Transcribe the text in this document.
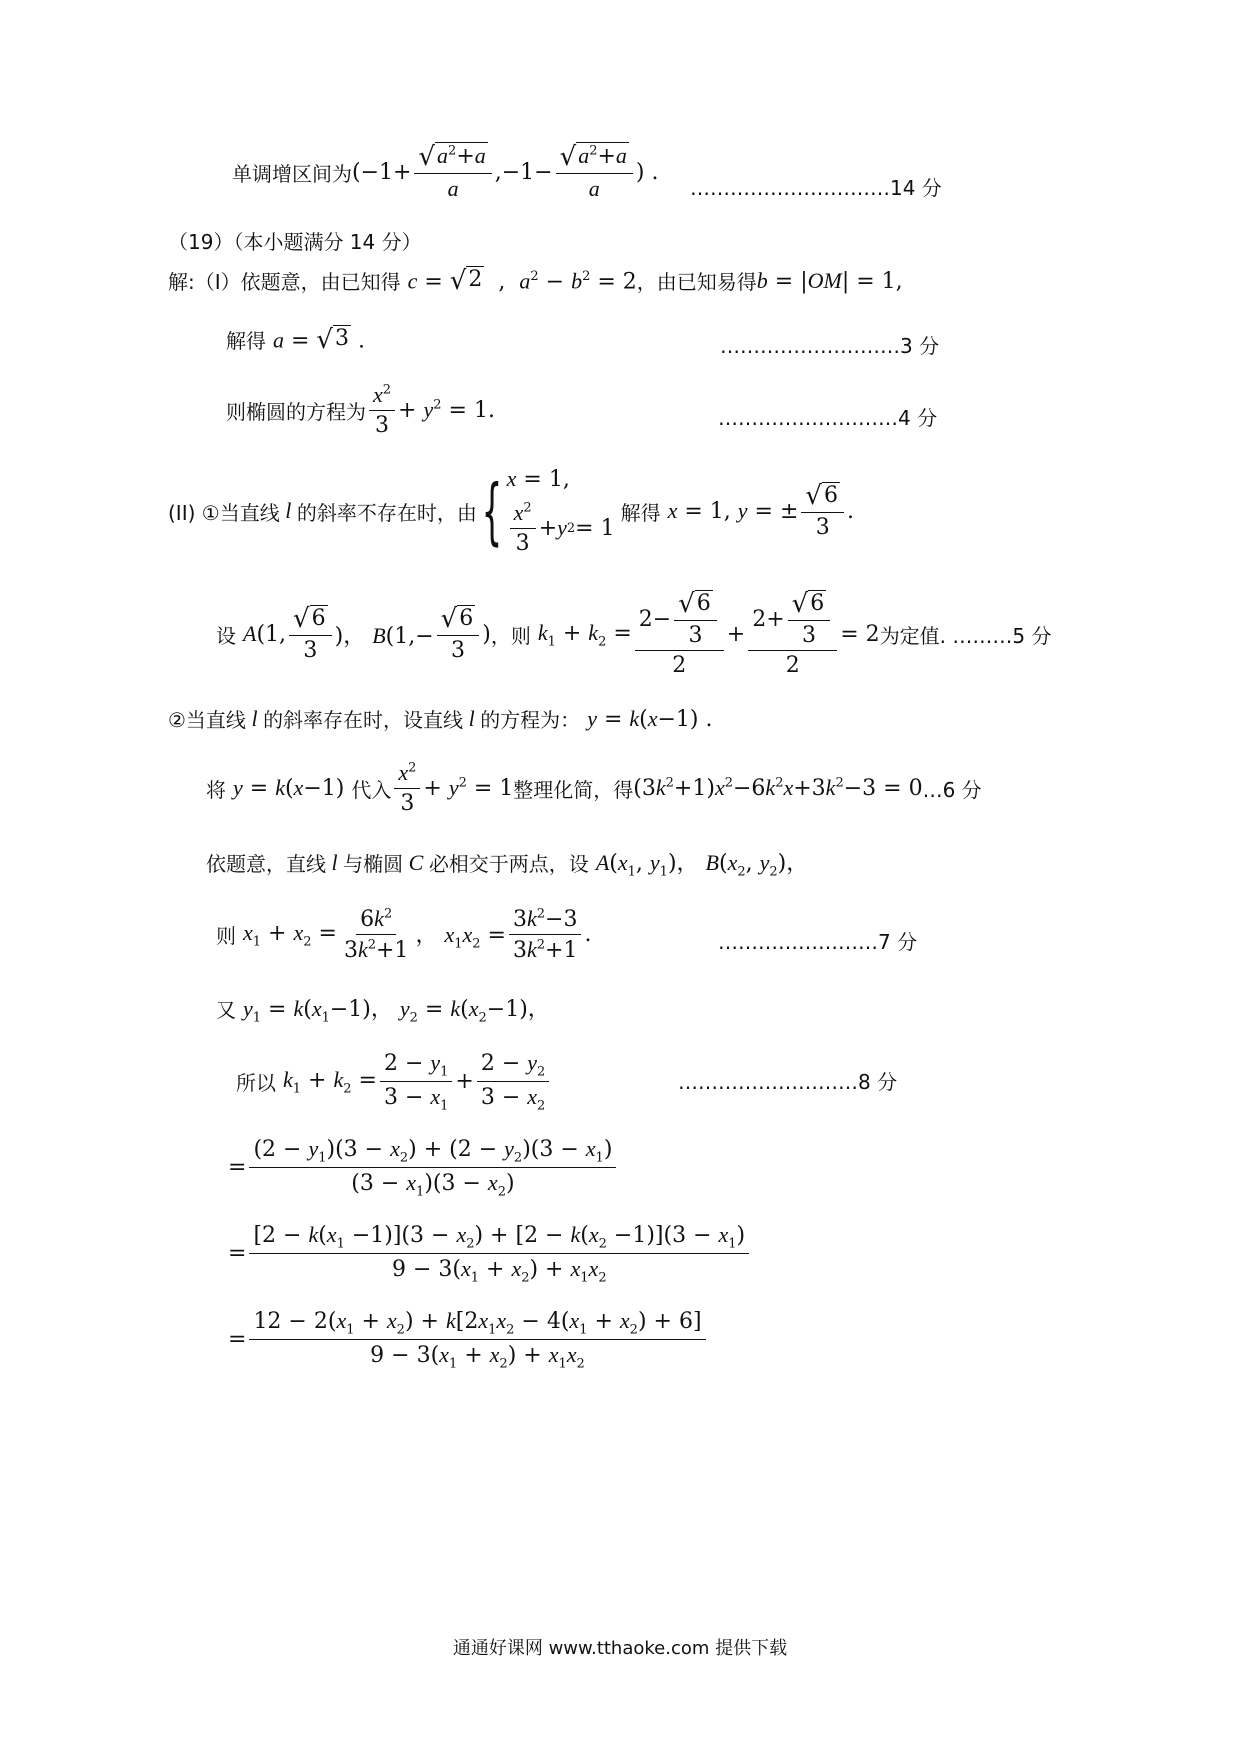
单调增区间为 ($-1+ \frac{√ a^2+a}{a} ,-1- \frac{√ a^2+a}{a}$ ) .
…………………………14 分
（19）（本小题满分 14 分）
解:（Ⅰ）依题意，由已知得 c = √ 2 ,  $a^2 - b^2 = 2$ ，由已知易得 b = |OM| = 1,
解得 a = √ 3 .	………………………3 分
则椭圆的方程为 $\frac{x^2}{3} + y^2 = 1$.	………………………4 分
(II) ①当直线 l 的斜率不存在时，由 { x = 1,
$\frac{x^2}{3} + y$ 2 = 1
解得 x = 1, y = ± $\frac{√ 6}{3}$ .
设 A(1, $\frac{√ 6}{3}$ )， $B(1,- \frac{√ 6}{3}$ ) ，则 $k_1 + k_2 = \frac{2- \frac{√ 6}{3}}{2} + \frac{2+ \frac{√ 6}{3}}{2} = 2$ 为定值. ………5 分
②当直线 l 的斜率存在时，设直线 l 的方程为： y = k(x−1) .
将 y = k(x−1) 代入 $\frac{x^2}{3} + y^2 = 1$ 整理化简，得 $(3k^2+1)x^2-6k^2x+3k^2-3 = 0$ …6 分
依题意，直线 l 与椭圆 C 必相交于两点，设 $A(x_1$, $y_1$)， $B(x_2$, $y_2$)，
则 $x_1 + x_2 = \frac{6k^2}{3k^2+1}$ ， $x_1x_2 = \frac{3k^2-3}{3k^2+1}$ .	……………………7 分
又 $y_1 = k(x_1-1)$， $y_2 = k(x_2-1)$，
所以 $k_1 + k_2 = \frac{2 - y_1}{3 - x_1} + \frac{2 - y_2}{3 - x_2}$	………………………8 分
= $\frac{(2 - y_1)(3 - x_2) + (2 - y_2)(3 - x_1)}{(3 - x_1)(3 - x_2)}$
= $\frac{[2 - k(x_1 -1)](3 - x_2) + [2 - k(x_2 -1)](3 - x_1)}{9 - 3(x_1 + x_2) + x_1x_2}$
= $\frac{12 - 2(x_1 + x_2) + k[2x_1x_2 - 4(x_1 + x_2) + 6]}{9 - 3(x_1 + x_2) + x_1x_2}$
通通好课网 www.tthaoke.com 提供下载
